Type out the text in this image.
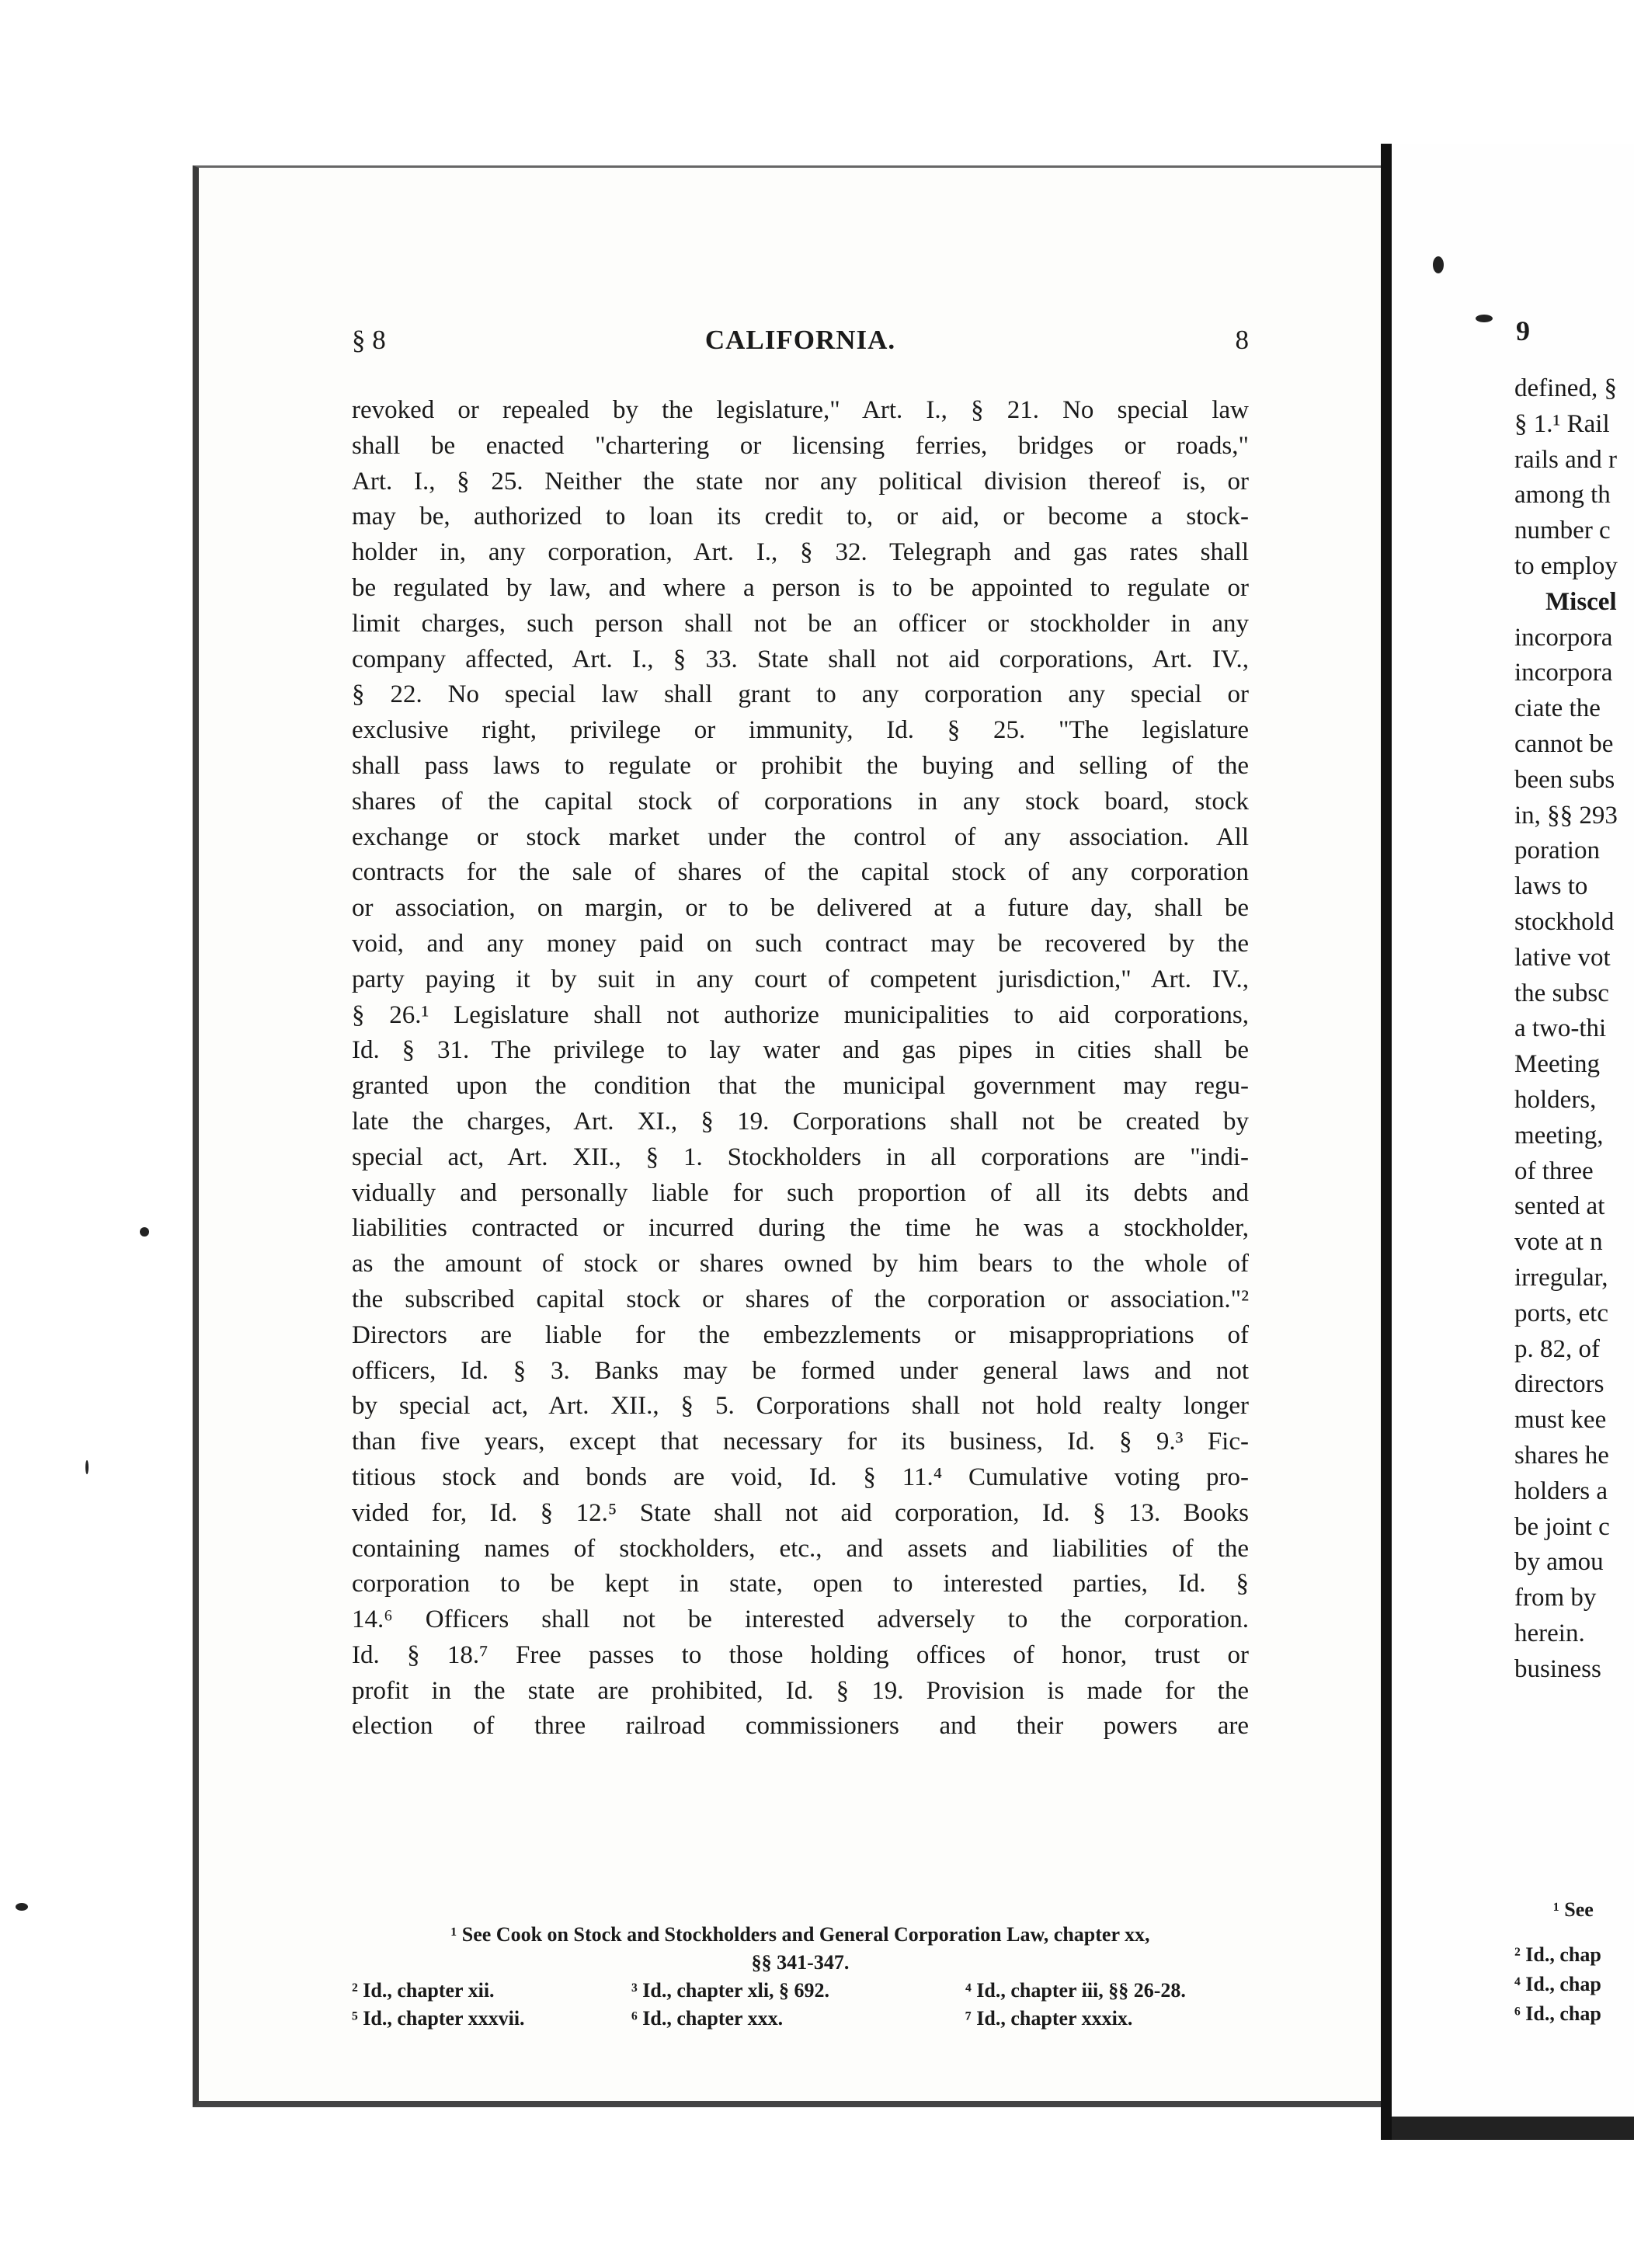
9
defined, §
§ 1.¹ Rail
rails and r
among th
number c
to employ
Miscel
incorpora
incorpora
ciate the
cannot be
been subs
in, §§ 293
poration
laws to
stockhold
lative vot
the subsc
a two-thi
Meeting
holders,
meeting,
of three
sented at
vote at n
irregular,
ports, etc
p. 82, of
directors
must kee
shares he
holders a
be joint c
by amou
from by
herein.
business
¹ See
² Id., chap
⁴ Id., chap
⁶ Id., chap
§ 8	CALIFORNIA.	8
revoked or repealed by the legislature," Art. I., § 21. No special law
shall be enacted "chartering or licensing ferries, bridges or roads,"
Art. I., § 25. Neither the state nor any political division thereof is, or
may be, authorized to loan its credit to, or aid, or become a stock-
holder in, any corporation, Art. I., § 32. Telegraph and gas rates shall
be regulated by law, and where a person is to be appointed to regulate or
limit charges, such person shall not be an officer or stockholder in any
company affected, Art. I., § 33. State shall not aid corporations, Art. IV.,
§ 22. No special law shall grant to any corporation any special or
exclusive right, privilege or immunity, Id. § 25. "The legislature
shall pass laws to regulate or prohibit the buying and selling of the
shares of the capital stock of corporations in any stock board, stock
exchange or stock market under the control of any association. All
contracts for the sale of shares of the capital stock of any corporation
or association, on margin, or to be delivered at a future day, shall be
void, and any money paid on such contract may be recovered by the
party paying it by suit in any court of competent jurisdiction," Art. IV.,
§ 26.¹ Legislature shall not authorize municipalities to aid corporations,
Id. § 31. The privilege to lay water and gas pipes in cities shall be
granted upon the condition that the municipal government may regu-
late the charges, Art. XI., § 19. Corporations shall not be created by
special act, Art. XII., § 1. Stockholders in all corporations are "indi-
vidually and personally liable for such proportion of all its debts and
liabilities contracted or incurred during the time he was a stockholder,
as the amount of stock or shares owned by him bears to the whole of
the subscribed capital stock or shares of the corporation or association."²
Directors are liable for the embezzlements or misappropriations of
officers, Id. § 3. Banks may be formed under general laws and not
by special act, Art. XII., § 5. Corporations shall not hold realty longer
than five years, except that necessary for its business, Id. § 9.³ Fic-
titious stock and bonds are void, Id. § 11.⁴ Cumulative voting pro-
vided for, Id. § 12.⁵ State shall not aid corporation, Id. § 13. Books
containing names of stockholders, etc., and assets and liabilities of the
corporation to be kept in state, open to interested parties, Id. §
14.⁶ Officers shall not be interested adversely to the corporation.
Id. § 18.⁷ Free passes to those holding offices of honor, trust or
profit in the state are prohibited, Id. § 19. Provision is made for the
election of three railroad commissioners and their powers are
¹ See Cook on Stock and Stockholders and General Corporation Law, chapter xx,
§§ 341-347.
² Id., chapter xii.	³ Id., chapter xli, § 692.	⁴ Id., chapter iii, §§ 26-28.
⁵ Id., chapter xxxvii.	⁶ Id., chapter xxx.	⁷ Id., chapter xxxix.
